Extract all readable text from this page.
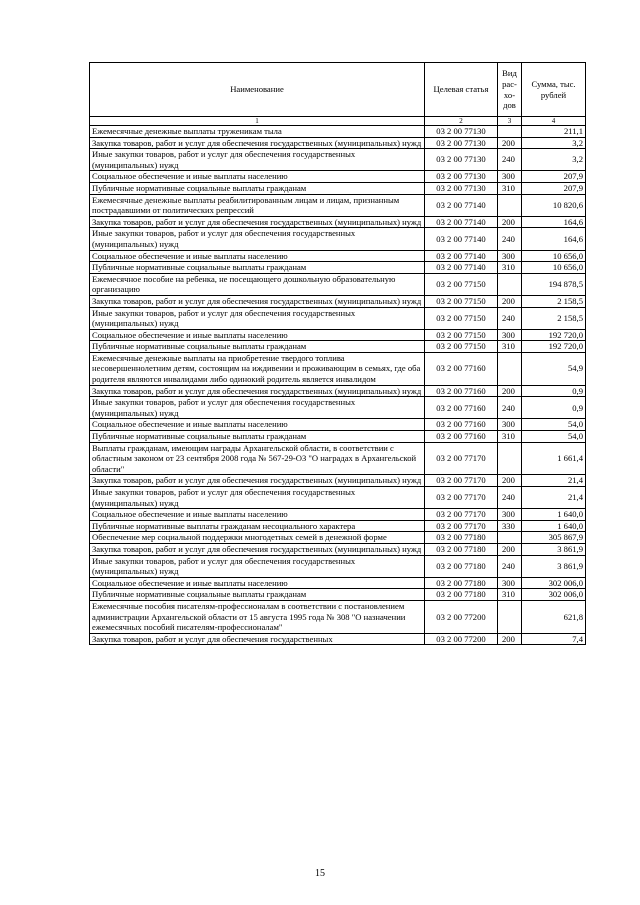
Наименование	Целевая статья	Вид рас- хо- дов	Сумма, тыс. рублей
1	2	3	4
Ежемесячные денежные выплаты труженикам тыла	03 2 00 77130		211,1
Закупка товаров, работ и услуг для обеспечения государственных (муниципальных) нужд	03 2 00 77130	200	3,2
Иные закупки товаров, работ и услуг для обеспечения государственных (муниципальных) нужд	03 2 00 77130	240	3,2
Социальное обеспечение и иные выплаты населению	03 2 00 77130	300	207,9
Публичные нормативные социальные выплаты гражданам	03 2 00 77130	310	207,9
Ежемесячные денежные выплаты реабилитированным лицам и лицам, признанным пострадавшими от политических репрессий	03 2 00 77140		10 820,6
Закупка товаров, работ и услуг для обеспечения государственных (муниципальных) нужд	03 2 00 77140	200	164,6
Иные закупки товаров, работ и услуг для обеспечения государственных (муниципальных) нужд	03 2 00 77140	240	164,6
Социальное обеспечение и иные выплаты населению	03 2 00 77140	300	10 656,0
Публичные нормативные социальные выплаты гражданам	03 2 00 77140	310	10 656,0
Ежемесячное пособие на ребенка, не посещающего дошкольную образовательную организацию	03 2 00 77150		194 878,5
Закупка товаров, работ и услуг для обеспечения государственных (муниципальных) нужд	03 2 00 77150	200	2 158,5
Иные закупки товаров, работ и услуг для обеспечения государственных (муниципальных) нужд	03 2 00 77150	240	2 158,5
Социальное обеспечение и иные выплаты населению	03 2 00 77150	300	192 720,0
Публичные нормативные социальные выплаты гражданам	03 2 00 77150	310	192 720,0
Ежемесячные денежные выплаты на приобретение твердого топлива несовершеннолетним детям, состоящим на иждивении и проживающим в семьях, где оба родителя являются инвалидами либо одинокий родитель является инвалидом	03 2 00 77160		54,9
Закупка товаров, работ и услуг для обеспечения государственных (муниципальных) нужд	03 2 00 77160	200	0,9
Иные закупки товаров, работ и услуг для обеспечения государственных (муниципальных) нужд	03 2 00 77160	240	0,9
Социальное обеспечение и иные выплаты населению	03 2 00 77160	300	54,0
Публичные нормативные социальные выплаты гражданам	03 2 00 77160	310	54,0
Выплаты гражданам, имеющим награды Архангельской области, в соответствии с областным законом от 23 сентября 2008 года № 567-29-ОЗ "О наградах в Архангельской области"	03 2 00 77170		1 661,4
Закупка товаров, работ и услуг для обеспечения государственных (муниципальных) нужд	03 2 00 77170	200	21,4
Иные закупки товаров, работ и услуг для обеспечения государственных (муниципальных) нужд	03 2 00 77170	240	21,4
Социальное обеспечение и иные выплаты населению	03 2 00 77170	300	1 640,0
Публичные нормативные выплаты гражданам несоциального характера	03 2 00 77170	330	1 640,0
Обеспечение мер социальной поддержки многодетных семей в денежной форме	03 2 00 77180		305 867,9
Закупка товаров, работ и услуг для обеспечения государственных (муниципальных) нужд	03 2 00 77180	200	3 861,9
Иные закупки товаров, работ и услуг для обеспечения государственных (муниципальных) нужд	03 2 00 77180	240	3 861,9
Социальное обеспечение и иные выплаты населению	03 2 00 77180	300	302 006,0
Публичные нормативные социальные выплаты гражданам	03 2 00 77180	310	302 006,0
Ежемесячные пособия писателям-профессионалам в соответствии с постановлением администрации Архангельской области от 15 августа 1995 года № 308 "О назначении ежемесячных пособий писателям-профессионалам"	03 2 00 77200		621,8
Закупка товаров, работ и услуг для обеспечения государственных	03 2 00 77200	200	7,4
15
